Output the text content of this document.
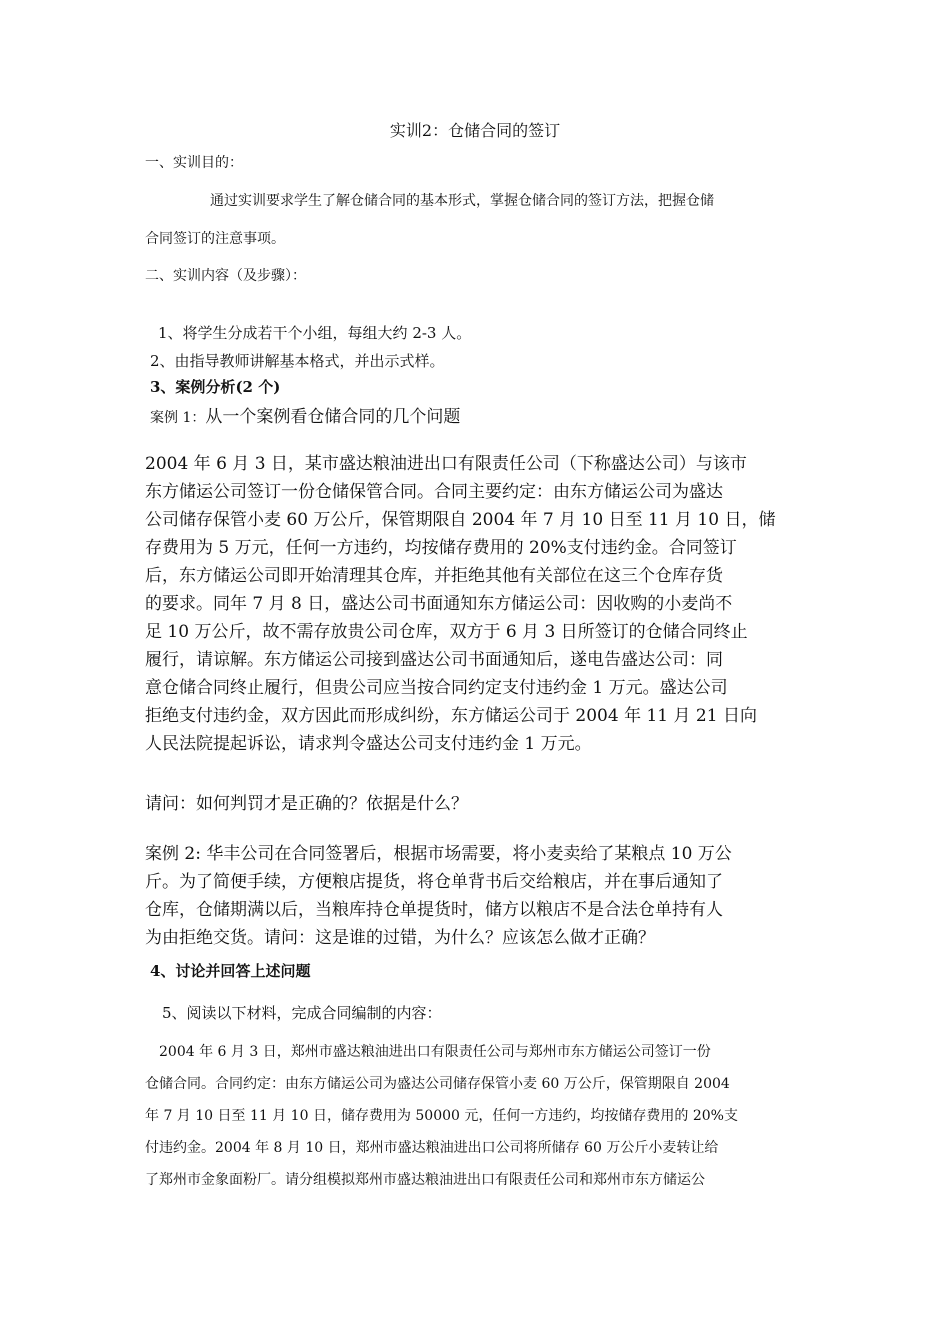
实训2：仓储合同的签订

一、实训目的：

通过实训要求学生了解仓储合同的基本形式，掌握仓储合同的签订方法，把握仓储

合同签订的注意事项。

二、实训内容（及步骤）：

1、将学生分成若干个小组，每组大约 2-3 人。

2、由指导教师讲解基本格式，并出示式样。

3、案例分析(2 个)

案例 1：从一个案例看仓储合同的几个问题

2004 年 6 月 3 日，某市盛达粮油进出口有限责任公司（下称盛达公司）与该市
东方储运公司签订一份仓储保管合同。合同主要约定：由东方储运公司为盛达
公司储存保管小麦 60 万公斤，保管期限自 2004 年 7 月 10 日至 11 月 10 日，储
存费用为 5 万元，任何一方违约，均按储存费用的 20%支付违约金。合同签订
后，东方储运公司即开始清理其仓库，并拒绝其他有关部位在这三个仓库存货
的要求。同年 7 月 8 日，盛达公司书面通知东方储运公司：因收购的小麦尚不
足 10 万公斤，故不需存放贵公司仓库，双方于 6 月 3 日所签订的仓储合同终止
履行，请谅解。东方储运公司接到盛达公司书面通知后，遂电告盛达公司：同
意仓储合同终止履行，但贵公司应当按合同约定支付违约金 1 万元。盛达公司
拒绝支付违约金，双方因此而形成纠纷，东方储运公司于 2004 年 11 月 21 日向
人民法院提起诉讼，请求判令盛达公司支付违约金 1 万元。

请问：如何判罚才是正确的？依据是什么？

案例 2: 华丰公司在合同签署后，根据市场需要，将小麦卖给了某粮点 10 万公
斤。为了简便手续，方便粮店提货，将仓单背书后交给粮店，并在事后通知了
仓库，仓储期满以后，当粮库持仓单提货时，储方以粮店不是合法仓单持有人
为由拒绝交货。请问：这是谁的过错，为什么？应该怎么做才正确？

4、讨论并回答上述问题

5、阅读以下材料，完成合同编制的内容：

2004 年 6 月 3 日，郑州市盛达粮油进出口有限责任公司与郑州市东方储运公司签订一份
仓储合同。合同约定：由东方储运公司为盛达公司储存保管小麦 60 万公斤，保管期限自 2004
年 7 月 10 日至 11 月 10 日，储存费用为 50000 元，任何一方违约，均按储存费用的 20%支
付违约金。2004 年 8 月 10 日，郑州市盛达粮油进出口公司将所储存 60 万公斤小麦转让给
了郑州市金象面粉厂。请分组模拟郑州市盛达粮油进出口有限责任公司和郑州市东方储运公
